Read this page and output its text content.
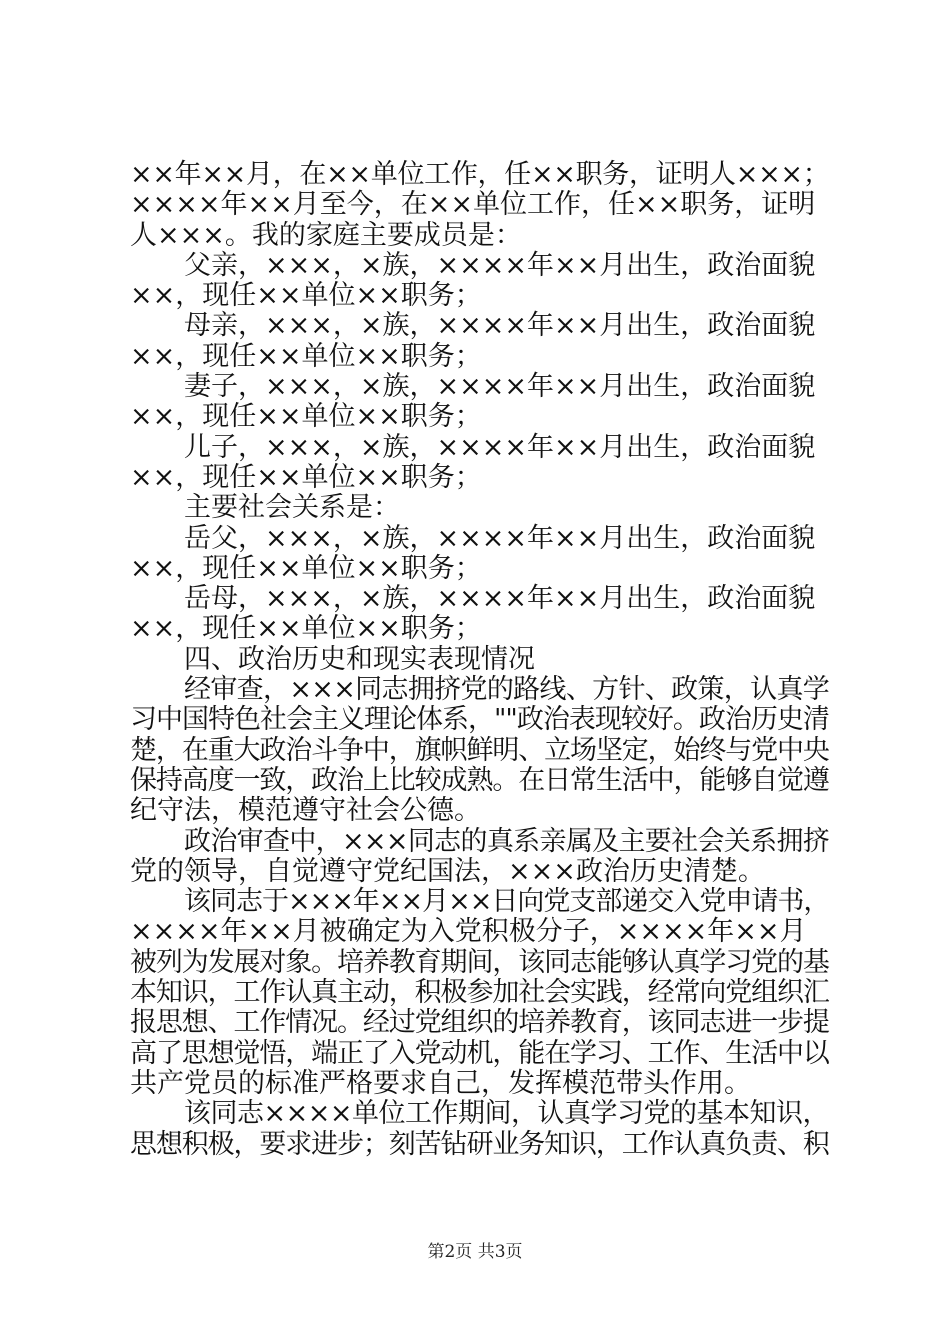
××年××月，在××单位工作，任××职务，证明人×××；
××××年××月至今，在××单位工作，任××职务，证明
人×××。我的家庭主要成员是：
父亲，×××，×族，××××年××月出生，政治面貌
××，现任××单位××职务；
母亲，×××，×族，××××年××月出生，政治面貌
××，现任××单位××职务；
妻子，×××，×族，××××年××月出生，政治面貌
××，现任××单位××职务；
儿子，×××，×族，××××年××月出生，政治面貌
××，现任××单位××职务；
主要社会关系是：
岳父，×××，×族，××××年××月出生，政治面貌
××，现任××单位××职务；
岳母，×××，×族，××××年××月出生，政治面貌
××，现任××单位××职务；
四、政治历史和现实表现情况
经审查，×××同志拥挤党的路线、方针、政策，认真学
习中国特色社会主义理论体系，""政治表现较好。政治历史清
楚，在重大政治斗争中，旗帜鲜明、立场坚定，始终与党中央
保持高度一致，政治上比较成熟。在日常生活中，能够自觉遵
纪守法，模范遵守社会公德。
政治审查中，×××同志的真系亲属及主要社会关系拥挤
党的领导，自觉遵守党纪国法，×××政治历史清楚。
该同志于×××年××月××日向党支部递交入党申请书，
××××年××月被确定为入党积极分子，××××年××月
被列为发展对象。培养教育期间，该同志能够认真学习党的基
本知识，工作认真主动，积极参加社会实践，经常向党组织汇
报思想、工作情况。经过党组织的培养教育，该同志进一步提
高了思想觉悟，端正了入党动机，能在学习、工作、生活中以
共产党员的标准严格要求自己，发挥模范带头作用。
该同志××××单位工作期间，认真学习党的基本知识，
思想积极，要求进步；刻苦钻研业务知识，工作认真负责、积
第2页 共3页
